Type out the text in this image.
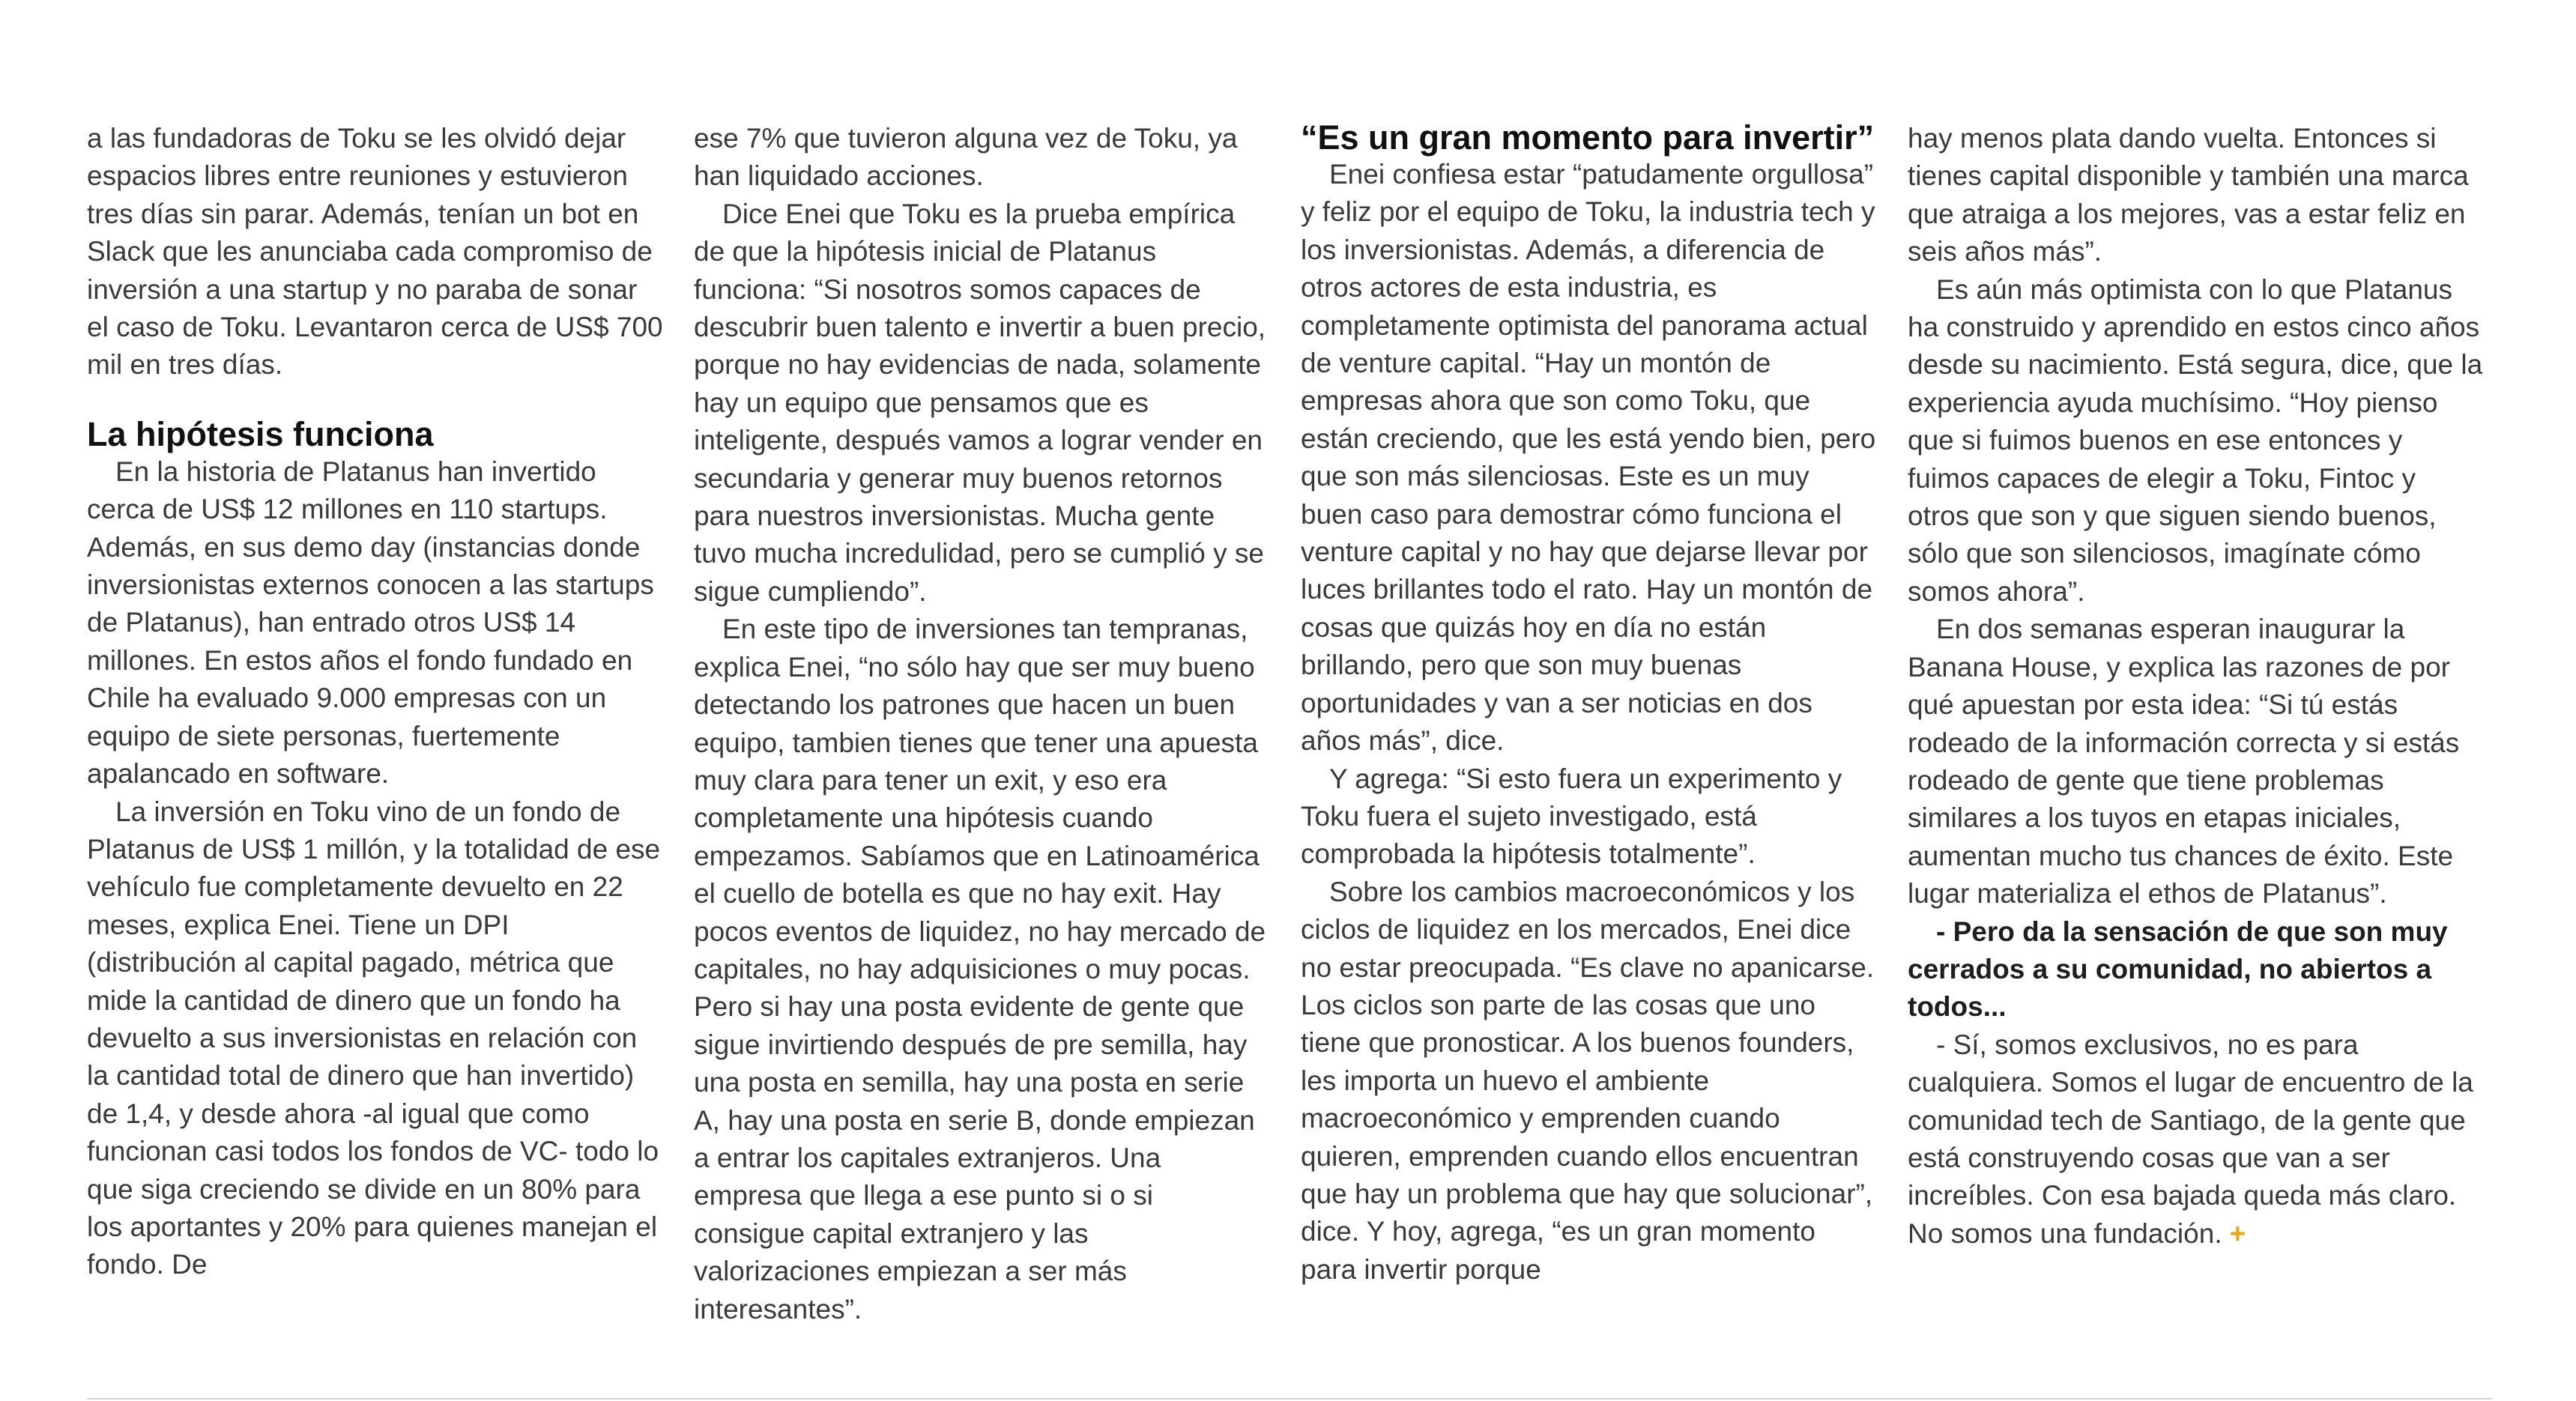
a las fundadoras de Toku se les olvidó dejar espacios libres entre reuniones y estuvieron tres días sin parar. Además, tenían un bot en Slack que les anunciaba cada compromiso de inversión a una startup y no paraba de sonar el caso de Toku. Levantaron cerca de US$ 700 mil en tres días.

La hipótesis funciona

En la historia de Platanus han invertido cerca de US$ 12 millones en 110 startups. Además, en sus demo day (instancias donde inversionistas externos conocen a las startups de Platanus), han entrado otros US$ 14 millones. En estos años el fondo fundado en Chile ha evaluado 9.000 empresas con un equipo de siete personas, fuertemente apalancado en software.

La inversión en Toku vino de un fondo de Platanus de US$ 1 millón, y la totalidad de ese vehículo fue completamente devuelto en 22 meses, explica Enei. Tiene un DPI (distribución al capital pagado, métrica que mide la cantidad de dinero que un fondo ha devuelto a sus inversionistas en relación con la cantidad total de dinero que han invertido) de 1,4, y desde ahora -al igual que como funcionan casi todos los fondos de VC- todo lo que siga creciendo se divide en un 80% para los aportantes y 20% para quienes manejan el fondo. De

ese 7% que tuvieron alguna vez de Toku, ya han liquidado acciones.

Dice Enei que Toku es la prueba empírica de que la hipótesis inicial de Platanus funciona: “Si nosotros somos capaces de descubrir buen talento e invertir a buen precio, porque no hay evidencias de nada, solamente hay un equipo que pensamos que es inteligente, después vamos a lograr vender en secundaria y generar muy buenos retornos para nuestros inversionistas. Mucha gente tuvo mucha incredulidad, pero se cumplió y se sigue cumpliendo”.

En este tipo de inversiones tan tempranas, explica Enei, “no sólo hay que ser muy bueno detectando los patrones que hacen un buen equipo, tambien tienes que tener una apuesta muy clara para tener un exit, y eso era completamente una hipótesis cuando empezamos. Sabíamos que en Latinoamérica el cuello de botella es que no hay exit. Hay pocos eventos de liquidez, no hay mercado de capitales, no hay adquisiciones o muy pocas. Pero si hay una posta evidente de gente que sigue invirtiendo después de pre semilla, hay una posta en semilla, hay una posta en serie A, hay una posta en serie B, donde empiezan a entrar los capitales extranjeros. Una empresa que llega a ese punto si o si consigue capital extranjero y las valorizaciones empiezan a ser más interesantes”.

“Es un gran momento para invertir”

Enei confiesa estar “patudamente orgullosa” y feliz por el equipo de Toku, la industria tech y los inversionistas. Además, a diferencia de otros actores de esta industria, es completamente optimista del panorama actual de venture capital. “Hay un montón de empresas ahora que son como Toku, que están creciendo, que les está yendo bien, pero que son más silenciosas. Este es un muy buen caso para demostrar cómo funciona el venture capital y no hay que dejarse llevar por luces brillantes todo el rato. Hay un montón de cosas que quizás hoy en día no están brillando, pero que son muy buenas oportunidades y van a ser noticias en dos años más”, dice.

Y agrega: “Si esto fuera un experimento y Toku fuera el sujeto investigado, está comprobada la hipótesis totalmente”.

Sobre los cambios macroeconómicos y los ciclos de liquidez en los mercados, Enei dice no estar preocupada. “Es clave no apanicarse. Los ciclos son parte de las cosas que uno tiene que pronosticar. A los buenos founders, les importa un huevo el ambiente macroeconómico y emprenden cuando quieren, emprenden cuando ellos encuentran que hay un problema que hay que solucionar”, dice. Y hoy, agrega, “es un gran momento para invertir porque

hay menos plata dando vuelta. Entonces si tienes capital disponible y también una marca que atraiga a los mejores, vas a estar feliz en seis años más”.

Es aún más optimista con lo que Platanus ha construido y aprendido en estos cinco años desde su nacimiento. Está segura, dice, que la experiencia ayuda muchísimo. “Hoy pienso que si fuimos buenos en ese entonces y fuimos capaces de elegir a Toku, Fintoc y otros que son y que siguen siendo buenos, sólo que son silenciosos, imagínate cómo somos ahora”.

En dos semanas esperan inaugurar la Banana House, y explica las razones de por qué apuestan por esta idea: “Si tú estás rodeado de la información correcta y si estás rodeado de gente que tiene problemas similares a los tuyos en etapas iniciales, aumentan mucho tus chances de éxito. Este lugar materializa el ethos de Platanus”.

- Pero da la sensación de que son muy cerrados a su comunidad, no abiertos a todos...

- Sí, somos exclusivos, no es para cualquiera. Somos el lugar de encuentro de la comunidad tech de Santiago, de la gente que está construyendo cosas que van a ser increíbles. Con esa bajada queda más claro. No somos una fundación. +
